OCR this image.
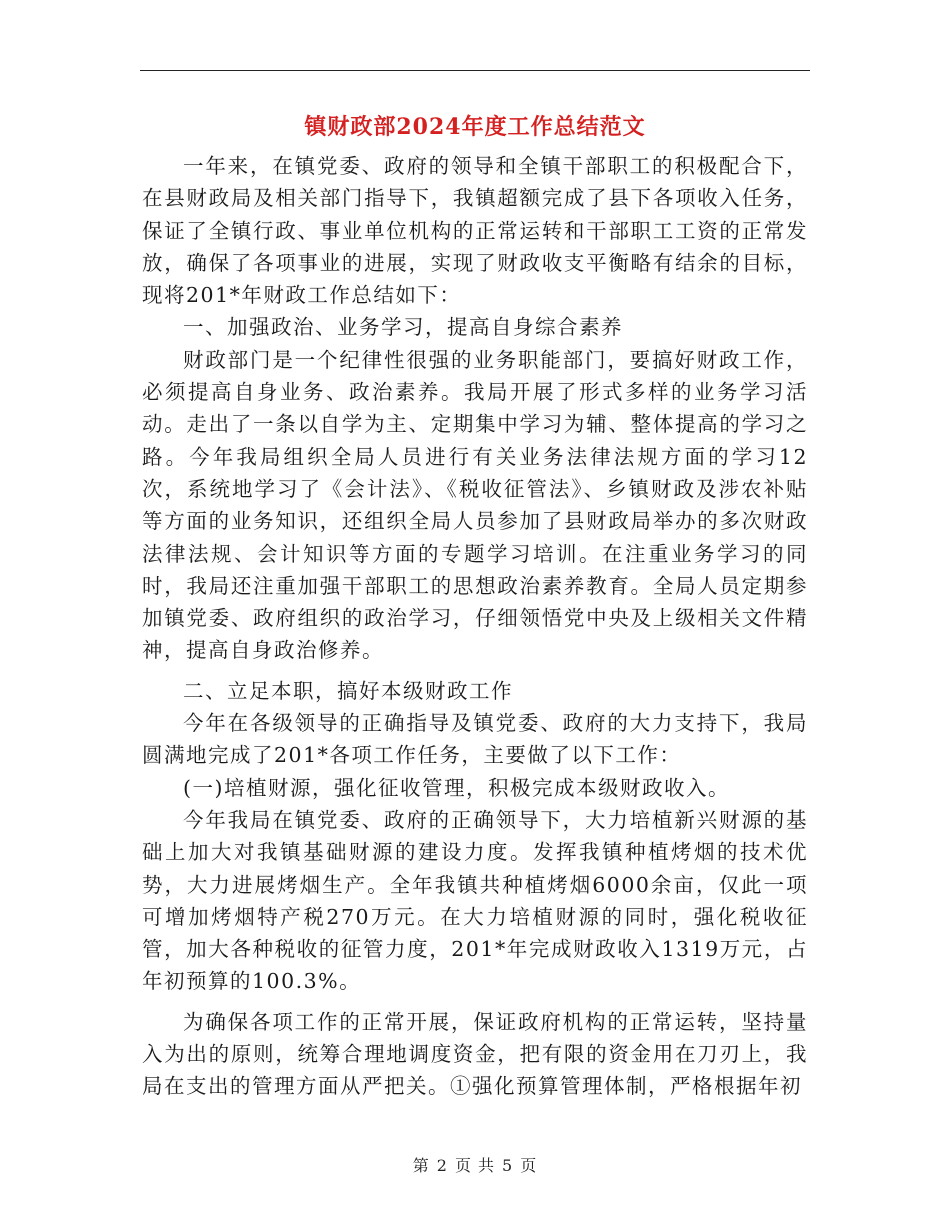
镇财政部2024年度工作总结范文

一年来，在镇党委、政府的领导和全镇干部职工的积极配合下，在县财政局及相关部门指导下，我镇超额完成了县下各项收入任务，保证了全镇行政、事业单位机构的正常运转和干部职工工资的正常发放，确保了各项事业的进展，实现了财政收支平衡略有结余的目标，现将201*年财政工作总结如下：

一、加强政治、业务学习，提高自身综合素养

财政部门是一个纪律性很强的业务职能部门，要搞好财政工作，必须提高自身业务、政治素养。我局开展了形式多样的业务学习活动。走出了一条以自学为主、定期集中学习为辅、整体提高的学习之路。今年我局组织全局人员进行有关业务法律法规方面的学习12次，系统地学习了《会计法》、《税收征管法》、乡镇财政及涉农补贴等方面的业务知识，还组织全局人员参加了县财政局举办的多次财政法律法规、会计知识等方面的专题学习培训。在注重业务学习的同时，我局还注重加强干部职工的思想政治素养教育。全局人员定期参加镇党委、政府组织的政治学习，仔细领悟党中央及上级相关文件精神，提高自身政治修养。

二、立足本职，搞好本级财政工作

今年在各级领导的正确指导及镇党委、政府的大力支持下，我局圆满地完成了201*各项工作任务，主要做了以下工作：

(一)培植财源，强化征收管理，积极完成本级财政收入。

今年我局在镇党委、政府的正确领导下，大力培植新兴财源的基础上加大对我镇基础财源的建设力度。发挥我镇种植烤烟的技术优势，大力进展烤烟生产。全年我镇共种植烤烟6000余亩，仅此一项可增加烤烟特产税270万元。在大力培植财源的同时，强化税收征管，加大各种税收的征管力度，201*年完成财政收入1319万元，占年初预算的100.3%。

为确保各项工作的正常开展，保证政府机构的正常运转，坚持量入为出的原则，统筹合理地调度资金，把有限的资金用在刀刃上，我局在支出的管理方面从严把关。①强化预算管理体制，严格根据年初

第 2 页 共 5 页
